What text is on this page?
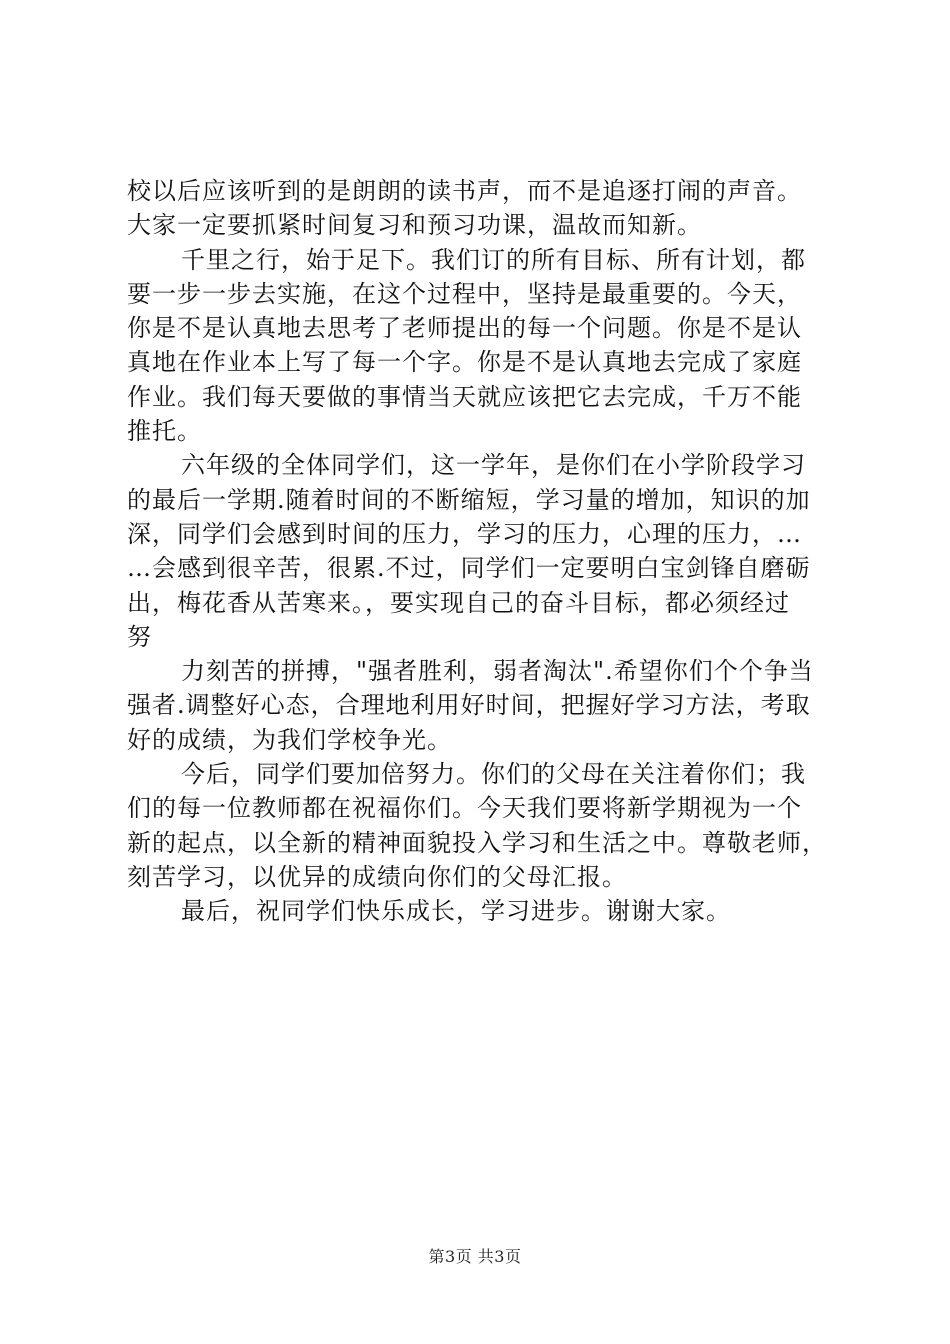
校以后应该听到的是朗朗的读书声，而不是追逐打闹的声音。
大家一定要抓紧时间复习和预习功课，温故而知新。
千里之行，始于足下。我们订的所有目标、所有计划，都
要一步一步去实施，在这个过程中，坚持是最重要的。今天，
你是不是认真地去思考了老师提出的每一个问题。你是不是认
真地在作业本上写了每一个字。你是不是认真地去完成了家庭
作业。我们每天要做的事情当天就应该把它去完成，千万不能
推托。
六年级的全体同学们，这一学年，是你们在小学阶段学习
的最后一学期.随着时间的不断缩短，学习量的增加，知识的加
深，同学们会感到时间的压力，学习的压力，心理的压力，…
…会感到很辛苦，很累.不过，同学们一定要明白宝剑锋自磨砺
出，梅花香从苦寒来。，要实现自己的奋斗目标，都必须经过
努
力刻苦的拼搏，"强者胜利，弱者淘汰".希望你们个个争当
强者.调整好心态，合理地利用好时间，把握好学习方法，考取
好的成绩，为我们学校争光。
今后，同学们要加倍努力。你们的父母在关注着你们；我
们的每一位教师都在祝福你们。今天我们要将新学期视为一个
新的起点，以全新的精神面貌投入学习和生活之中。尊敬老师，
刻苦学习，以优异的成绩向你们的父母汇报。
最后，祝同学们快乐成长，学习进步。谢谢大家。
第3页 共3页
